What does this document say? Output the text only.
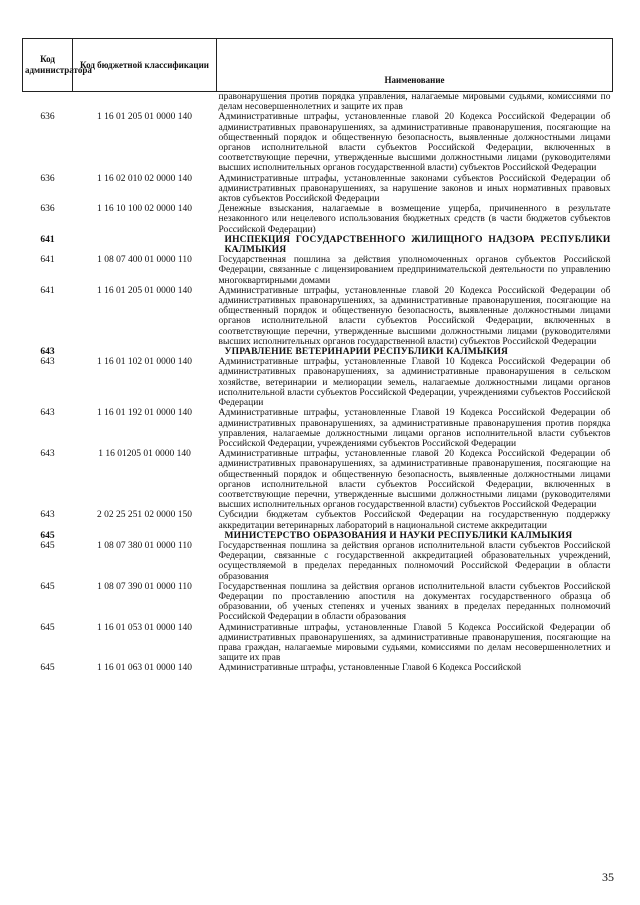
Код администратора	Код бюджетной классификации	Наименование
		правонарушения против порядка управления, налагаемые мировыми судьями, комиссиями по делам несовершеннолетних и защите их прав
636	1 16 01 205 01 0000 140	Административные штрафы, установленные главой 20 Кодекса Российской Федерации об административных правонарушениях, за административные правонарушения, посягающие на общественный порядок и общественную безопасность, выявленные должностными лицами органов исполнительной власти субъектов Российской Федерации, включенных в соответствующие перечни, утвержденные высшими должностными лицами (руководителями высших исполнительных органов государственной власти) субъектов Российской Федерации
636	1 16 02 010 02 0000 140	Административные штрафы, установленные законами субъектов Российской Федерации об административных правонарушениях, за нарушение законов и иных нормативных правовых актов субъектов Российской Федерации
636	1 16 10 100 02 0000 140	Денежные взыскания, налагаемые в возмещение ущерба, причиненного в результате незаконного или нецелевого использования бюджетных средств (в части бюджетов субъектов Российской Федерации)
641	ИНСПЕКЦИЯ ГОСУДАРСТВЕННОГО ЖИЛИЩНОГО НАДЗОРА РЕСПУБЛИКИ КАЛМЫКИЯ	
641	1 08 07 400 01 0000 110	Государственная пошлина за действия уполномоченных органов субъектов Российской Федерации, связанные с лицензированием предпринимательской деятельности по управлению многоквартирными домами
641	1 16 01 205 01 0000 140	Административные штрафы, установленные главой 20 Кодекса Российской Федерации об административных правонарушениях, за административные правонарушения, посягающие на общественный порядок и общественную безопасность, выявленные должностными лицами органов исполнительной власти субъектов Российской Федерации, включенных в соответствующие перечни, утвержденные высшими должностными лицами (руководителями высших исполнительных органов государственной власти) субъектов Российской Федерации
643	УПРАВЛЕНИЕ ВЕТЕРИНАРИИ РЕСПУБЛИКИ КАЛМЫКИЯ	
643	1 16 01 102 01 0000 140	Административные штрафы, установленные Главой 10 Кодекса Российской Федерации об административных правонарушениях, за административные правонарушения в сельском хозяйстве, ветеринарии и мелиорации земель, налагаемые должностными лицами органов исполнительной власти субъектов Российской Федерации, учреждениями субъектов Российской Федерации
643	1 16 01 192 01 0000 140	Административные штрафы, установленные Главой 19 Кодекса Российской Федерации об административных правонарушениях, за административные правонарушения против порядка управления, налагаемые должностными лицами органов исполнительной власти субъектов Российской Федерации, учреждениями субъектов Российской Федерации
643	1 16 01205 01 0000 140	Административные штрафы, установленные главой 20 Кодекса Российской Федерации об административных правонарушениях, за административные правонарушения, посягающие на общественный порядок и общественную безопасность, выявленные должностными лицами органов исполнительной власти субъектов Российской Федерации, включенных в соответствующие перечни, утвержденные высшими должностными лицами (руководителями высших исполнительных органов государственной власти) субъектов Российской Федерации
643	2 02 25 251 02 0000 150	Субсидии бюджетам субъектов Российской Федерации на государственную поддержку аккредитации ветеринарных лабораторий в национальной системе аккредитации
645	МИНИСТЕРСТВО ОБРАЗОВАНИЯ И НАУКИ РЕСПУБЛИКИ КАЛМЫКИЯ	
645	1 08 07 380 01 0000 110	Государственная пошлина за действия органов исполнительной власти субъектов Российской Федерации, связанные с государственной аккредитацией образовательных учреждений, осуществляемой в пределах переданных полномочий Российской Федерации в области образования
645	1 08 07 390 01 0000 110	Государственная пошлина за действия органов исполнительной власти субъектов Российской Федерации по проставлению апостиля на документах государственного образца об образовании, об ученых степенях и ученых званиях в пределах переданных полномочий Российской Федерации в области образования
645	1 16 01 053 01 0000 140	Административные штрафы, установленные Главой 5 Кодекса Российской Федерации об административных правонарушениях, за административные правонарушения, посягающие на права граждан, налагаемые мировыми судьями, комиссиями по делам несовершеннолетних и защите их прав
645	1 16 01 063 01 0000 140	Административные штрафы, установленные Главой 6 Кодекса Российской
35
